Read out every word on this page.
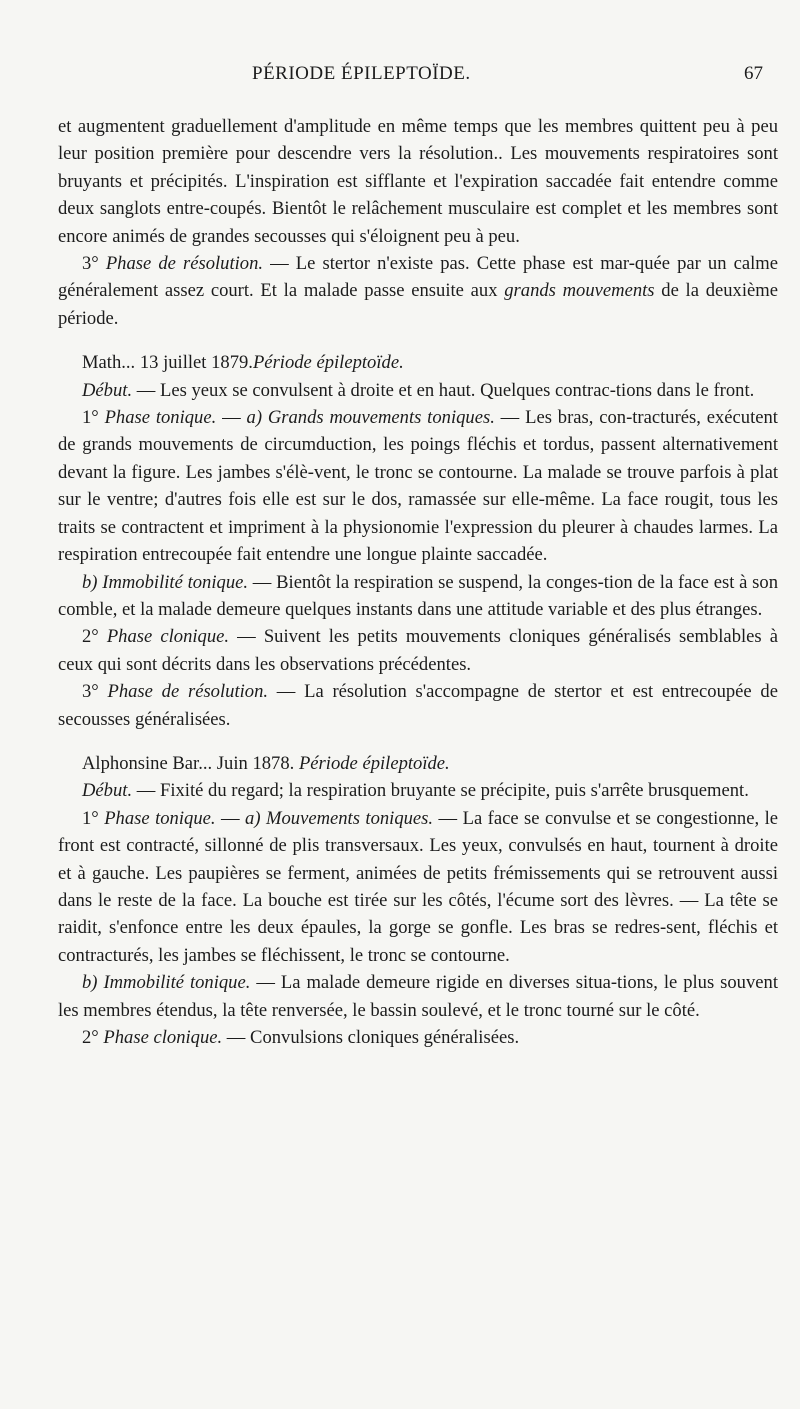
PÉRIODE ÉPILEPTOÏDE.	67

et augmentent graduellement d'amplitude en même temps que les membres quittent peu à peu leur position première pour descendre vers la résolution.. Les mouvements respiratoires sont bruyants et précipités. L'inspiration est sifflante et l'expiration saccadée fait entendre comme deux sanglots entre-coupés. Bientôt le relâchement musculaire est complet et les membres sont encore animés de grandes secousses qui s'éloignent peu à peu.

3° Phase de résolution. — Le stertor n'existe pas. Cette phase est mar-quée par un calme généralement assez court. Et la malade passe ensuite aux grands mouvements de la deuxième période.

Math... 13 juillet 1879.Période épileptoïde.

Début. — Les yeux se convulsent à droite et en haut. Quelques contrac-tions dans le front.

1° Phase tonique. — a) Grands mouvements toniques. — Les bras, con-tracturés, exécutent de grands mouvements de circumduction, les poings fléchis et tordus, passent alternativement devant la figure. Les jambes s'élè-vent, le tronc se contourne. La malade se trouve parfois à plat sur le ventre; d'autres fois elle est sur le dos, ramassée sur elle-même. La face rougit, tous les traits se contractent et impriment à la physionomie l'expression du pleurer à chaudes larmes. La respiration entrecoupée fait entendre une longue plainte saccadée.

b) Immobilité tonique. — Bientôt la respiration se suspend, la conges-tion de la face est à son comble, et la malade demeure quelques instants dans une attitude variable et des plus étranges.

2° Phase clonique. — Suivent les petits mouvements cloniques généralisés semblables à ceux qui sont décrits dans les observations précédentes.

3° Phase de résolution. — La résolution s'accompagne de stertor et est entrecoupée de secousses généralisées.

Alphonsine Bar... Juin 1878. Période épileptoïde.

Début. — Fixité du regard; la respiration bruyante se précipite, puis s'arrête brusquement.

1° Phase tonique. — a) Mouvements toniques. — La face se convulse et se congestionne, le front est contracté, sillonné de plis transversaux. Les yeux, convulsés en haut, tournent à droite et à gauche. Les paupières se ferment, animées de petits frémissements qui se retrouvent aussi dans le reste de la face. La bouche est tirée sur les côtés, l'écume sort des lèvres. — La tête se raidit, s'enfonce entre les deux épaules, la gorge se gonfle. Les bras se redres-sent, fléchis et contracturés, les jambes se fléchissent, le tronc se contourne.

b) Immobilité tonique. — La malade demeure rigide en diverses situa-tions, le plus souvent les membres étendus, la tête renversée, le bassin soulevé, et le tronc tourné sur le côté.

2° Phase clonique. — Convulsions cloniques généralisées.
